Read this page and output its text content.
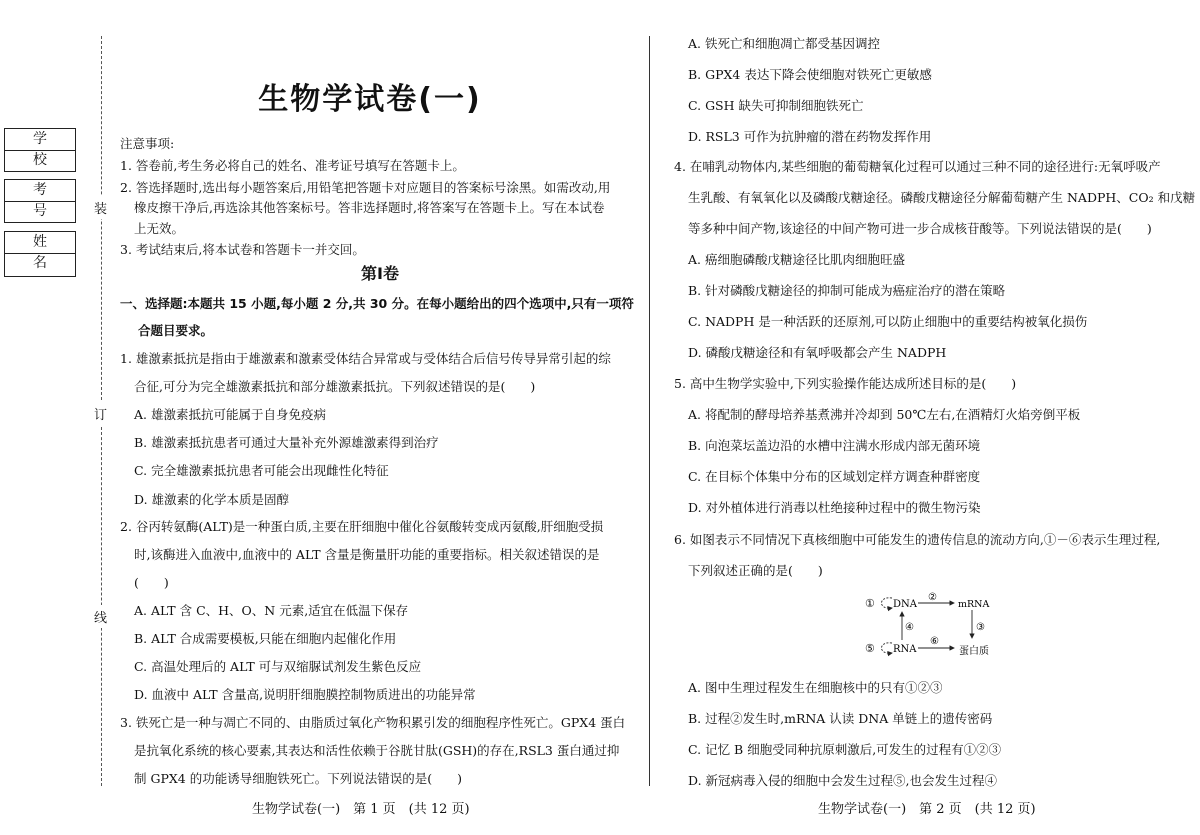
学 校
考 号
姓 名
装
订
线
生物学试卷(一)
注意事项:
1. 答卷前,考生务必将自己的姓名、准考证号填写在答题卡上。
2. 答选择题时,选出每小题答案后,用铅笔把答题卡对应题目的答案标号涂黑。如需改动,用
橡皮擦干净后,再选涂其他答案标号。答非选择题时,将答案写在答题卡上。写在本试卷
上无效。
3. 考试结束后,将本试卷和答题卡一并交回。
第Ⅰ卷
一、选择题:本题共 15 小题,每小题 2 分,共 30 分。在每小题给出的四个选项中,只有一项符
合题目要求。
1. 雄激素抵抗是指由于雄激素和激素受体结合异常或与受体结合后信号传导异常引起的综
合征,可分为完全雄激素抵抗和部分雄激素抵抗。下列叙述错误的是(　　)
A. 雄激素抵抗可能属于自身免疫病
B. 雄激素抵抗患者可通过大量补充外源雄激素得到治疗
C. 完全雄激素抵抗患者可能会出现雌性化特征
D. 雄激素的化学本质是固醇
2. 谷丙转氨酶(ALT)是一种蛋白质,主要在肝细胞中催化谷氨酸转变成丙氨酸,肝细胞受损
时,该酶进入血液中,血液中的 ALT 含量是衡量肝功能的重要指标。相关叙述错误的是
(　　)
A. ALT 含 C、H、O、N 元素,适宜在低温下保存
B. ALT 合成需要模板,只能在细胞内起催化作用
C. 高温处理后的 ALT 可与双缩脲试剂发生紫色反应
D. 血液中 ALT 含量高,说明肝细胞膜控制物质进出的功能异常
3. 铁死亡是一种与凋亡不同的、由脂质过氧化产物积累引发的细胞程序性死亡。GPX4 蛋白
是抗氧化系统的核心要素,其表达和活性依赖于谷胱甘肽(GSH)的存在,RSL3 蛋白通过抑
制 GPX4 的功能诱导细胞铁死亡。下列说法错误的是(　　)
生物学试卷(一)　第 1 页　(共 12 页)
A. 铁死亡和细胞凋亡都受基因调控
B. GPX4 表达下降会使细胞对铁死亡更敏感
C. GSH 缺失可抑制细胞铁死亡
D. RSL3 可作为抗肿瘤的潜在药物发挥作用
4. 在哺乳动物体内,某些细胞的葡萄糖氧化过程可以通过三种不同的途径进行:无氧呼吸产
生乳酸、有氧氧化以及磷酸戊糖途径。磷酸戊糖途径分解葡萄糖产生 NADPH、CO₂ 和戊糖
等多种中间产物,该途径的中间产物可进一步合成核苷酸等。下列说法错误的是(　　)
A. 癌细胞磷酸戊糖途径比肌肉细胞旺盛
B. 针对磷酸戊糖途径的抑制可能成为癌症治疗的潜在策略
C. NADPH 是一种活跃的还原剂,可以防止细胞中的重要结构被氧化损伤
D. 磷酸戊糖途径和有氧呼吸都会产生 NADPH
5. 高中生物学实验中,下列实验操作能达成所述目标的是(　　)
A. 将配制的酵母培养基煮沸并冷却到 50℃左右,在酒精灯火焰旁倒平板
B. 向泡菜坛盖边沿的水槽中注满水形成内部无菌环境
C. 在目标个体集中分布的区域划定样方调查种群密度
D. 对外植体进行消毒以杜绝接种过程中的微生物污染
6. 如图表示不同情况下真核细胞中可能发生的遗传信息的流动方向,①－⑥表示生理过程,
下列叙述正确的是(　　)
① DNA
②
mRNA
④	③
⑤ RNA
⑥
蛋白质
A. 图中生理过程发生在细胞核中的只有①②③
B. 过程②发生时,mRNA 认读 DNA 单链上的遗传密码
C. 记忆 B 细胞受同种抗原刺激后,可发生的过程有①②③
D. 新冠病毒入侵的细胞中会发生过程⑤,也会发生过程④
生物学试卷(一)　第 2 页　(共 12 页)
